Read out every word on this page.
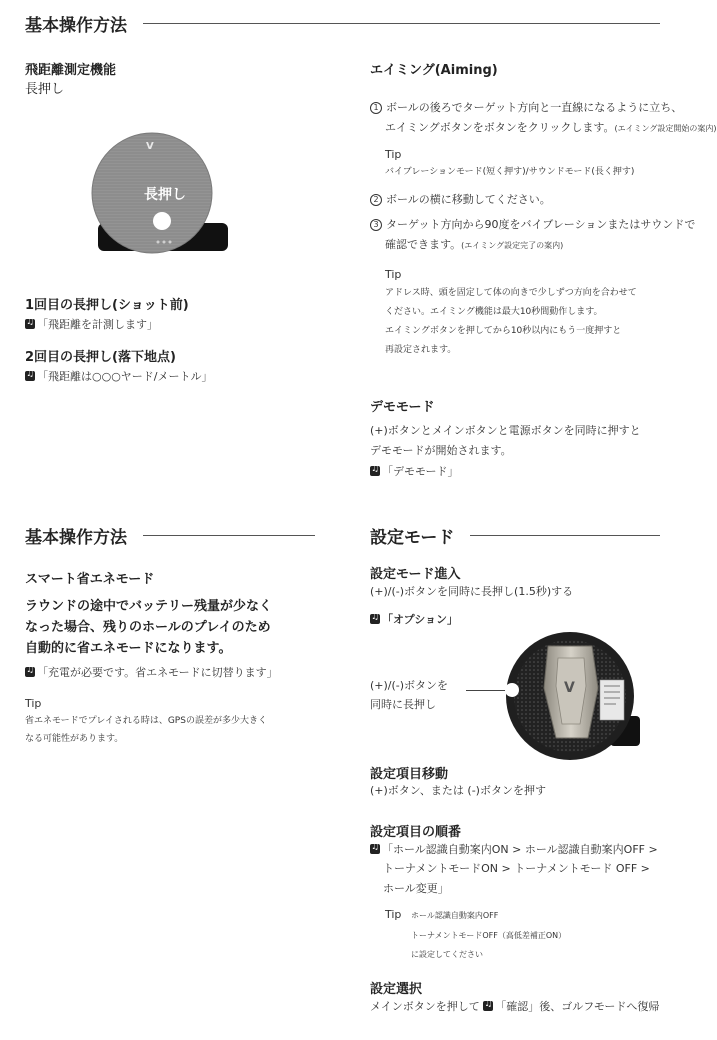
基本操作方法
飛距離測定機能
長押し
V
長押し
1回目の長押し(ショット前)
♫「飛距離を計測します」
2回目の長押し(落下地点)
♫「飛距離は○○○ヤード/メートル」
エイミング(Aiming)
1 ボールの後ろでターゲット方向と一直線になるように立ち、
エイミングボタンをボタンをクリックします。(エイミング設定開始の案内)
Tip
バイブレーションモード(短く押す)/サウンドモード(長く押す)
2 ボールの横に移動してください。
3 ターゲット方向から90度をバイブレーションまたはサウンドで
確認できます。(エイミング設定完了の案内)
Tip
アドレス時、頭を固定して体の向きで少しずつ方向を合わせて
ください。エイミング機能は最大10秒間動作します。
エイミングボタンを押してから10秒以内にもう一度押すと
再設定されます。
デモモード
(+)ボタンとメインボタンと電源ボタンを同時に押すと
デモモードが開始されます。
♫「デモモード」
基本操作方法
スマート省エネモード
ラウンドの途中でバッテリー残量が少なく
なった場合、残りのホールのプレイのため
自動的に省エネモードになります。
♫「充電が必要です。省エネモードに切替ります」
Tip
省エネモードでプレイされる時は、GPSの誤差が多少大きく
なる可能性があります。
設定モード
設定モード進入
(+)/(-)ボタンを同時に長押し(1.5秒)する
♫「オプション」
(+)/(-)ボタンを
同時に長押し
V
設定項目移動
(+)ボタン、または (-)ボタンを押す
設定項目の順番
♫「ホール認識自動案内ON > ホール認識自動案内OFF >
トーナメントモードON > トーナメントモード OFF >
ホール変更」
Tip ホール認識自動案内OFF
トーナメントモードOFF（高低差補正ON）
に設定してください
設定選択
メインボタンを押して ♫ 「確認」後、ゴルフモードへ復帰
